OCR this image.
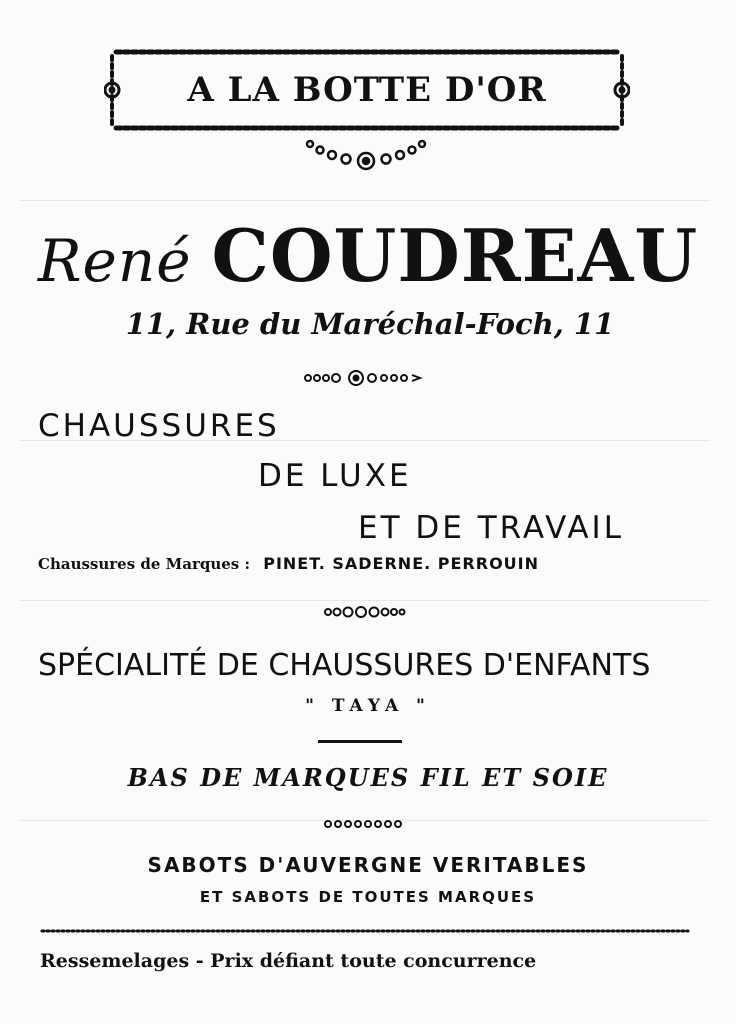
A LA BOTTE D'OR
René COUDREAU
11, Rue du Maréchal-Foch, 11
CHAUSSURES
DE LUXE
ET DE TRAVAIL
Chaussures de Marques : PINET. SADERNE. PERROUIN
SPÉCIALITÉ DE CHAUSSURES D'ENFANTS
" TAYA "
BAS DE MARQUES FIL ET SOIE
SABOTS D'AUVERGNE VERITABLES
ET SABOTS DE TOUTES MARQUES
Ressemelages - Prix défiant toute concurrence
